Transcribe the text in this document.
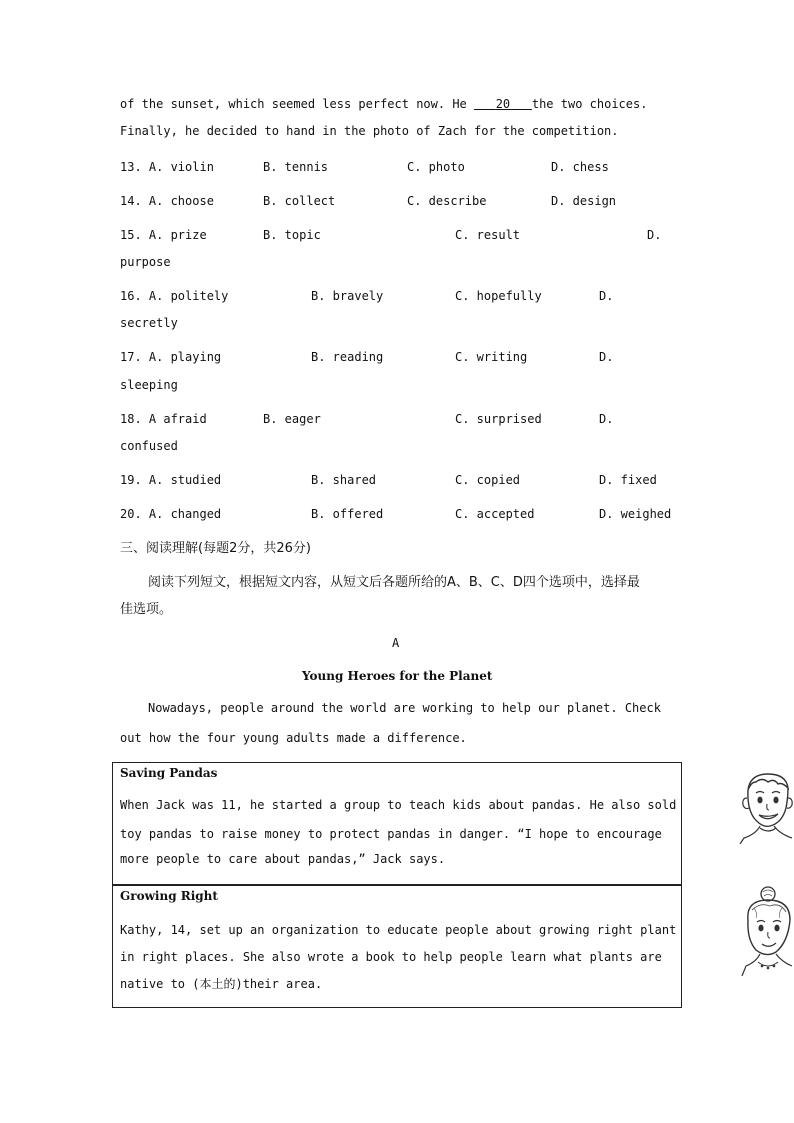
of the sunset, which seemed less perfect now. He    20 the two choices.
Finally, he decided to hand in the photo of Zach for the competition.
13. A. violin	B. tennis	C. photo	D. chess
14. A. choose	B. collect	C. describe	D. design
15. A. prize	B. topic	C. result	D.
purpose
16. A. politely	B. bravely	C. hopefully	D.
secretly
17. A. playing	B. reading	C. writing	D.
sleeping
18. A afraid	B. eager	C. surprised	D.
confused
19. A. studied	B. shared	C. copied	D. fixed
20. A. changed	B. offered	C. accepted	D. weighed
三、阅读理解(每题2分，共26分)
阅读下列短文，根据短文内容，从短文后各题所给的A、B、C、D四个选项中，选择最
佳选项。
A
Young Heroes for the Planet
Nowadays, people around the world are working to help our planet. Check
out how the four young adults made a difference.
Saving Pandas
When Jack was 11, he started a group to teach kids about pandas. He also sold
toy pandas to raise money to protect pandas in danger. “I hope to encourage
more people to care about pandas,” Jack says.
Growing Right
Kathy, 14, set up an organization to educate people about growing right plant
in right places. She also wrote a book to help people learn what plants are
native to (本土的)their area.
